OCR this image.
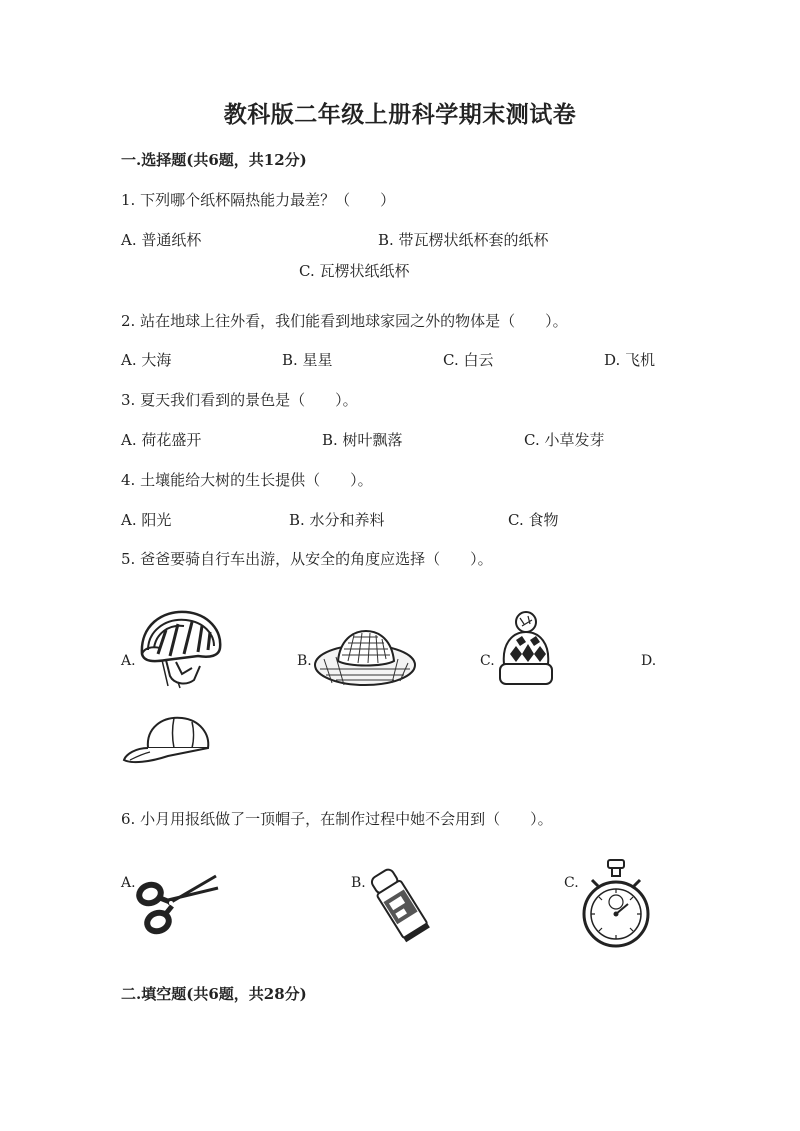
教科版二年级上册科学期末测试卷
一.选择题(共6题，共12分)
1. 下列哪个纸杯隔热能力最差？（　　）
A. 普通纸杯	B. 带瓦楞状纸杯套的纸杯
C. 瓦楞状纸纸杯
2. 站在地球上往外看，我们能看到地球家园之外的物体是（　　）。
A. 大海	B. 星星	C. 白云	D. 飞机
3. 夏天我们看到的景色是（　　）。
A. 荷花盛开	B. 树叶飘落	C. 小草发芽
4. 土壤能给大树的生长提供（　　）。
A. 阳光	B. 水分和养料	C. 食物
5. 爸爸要骑自行车出游，从安全的角度应选择（　　）。
A.	B.	C.	D.
6. 小月用报纸做了一顶帽子，在制作过程中她不会用到（　　）。
A.	B.	C.
二.填空题(共6题，共28分)
